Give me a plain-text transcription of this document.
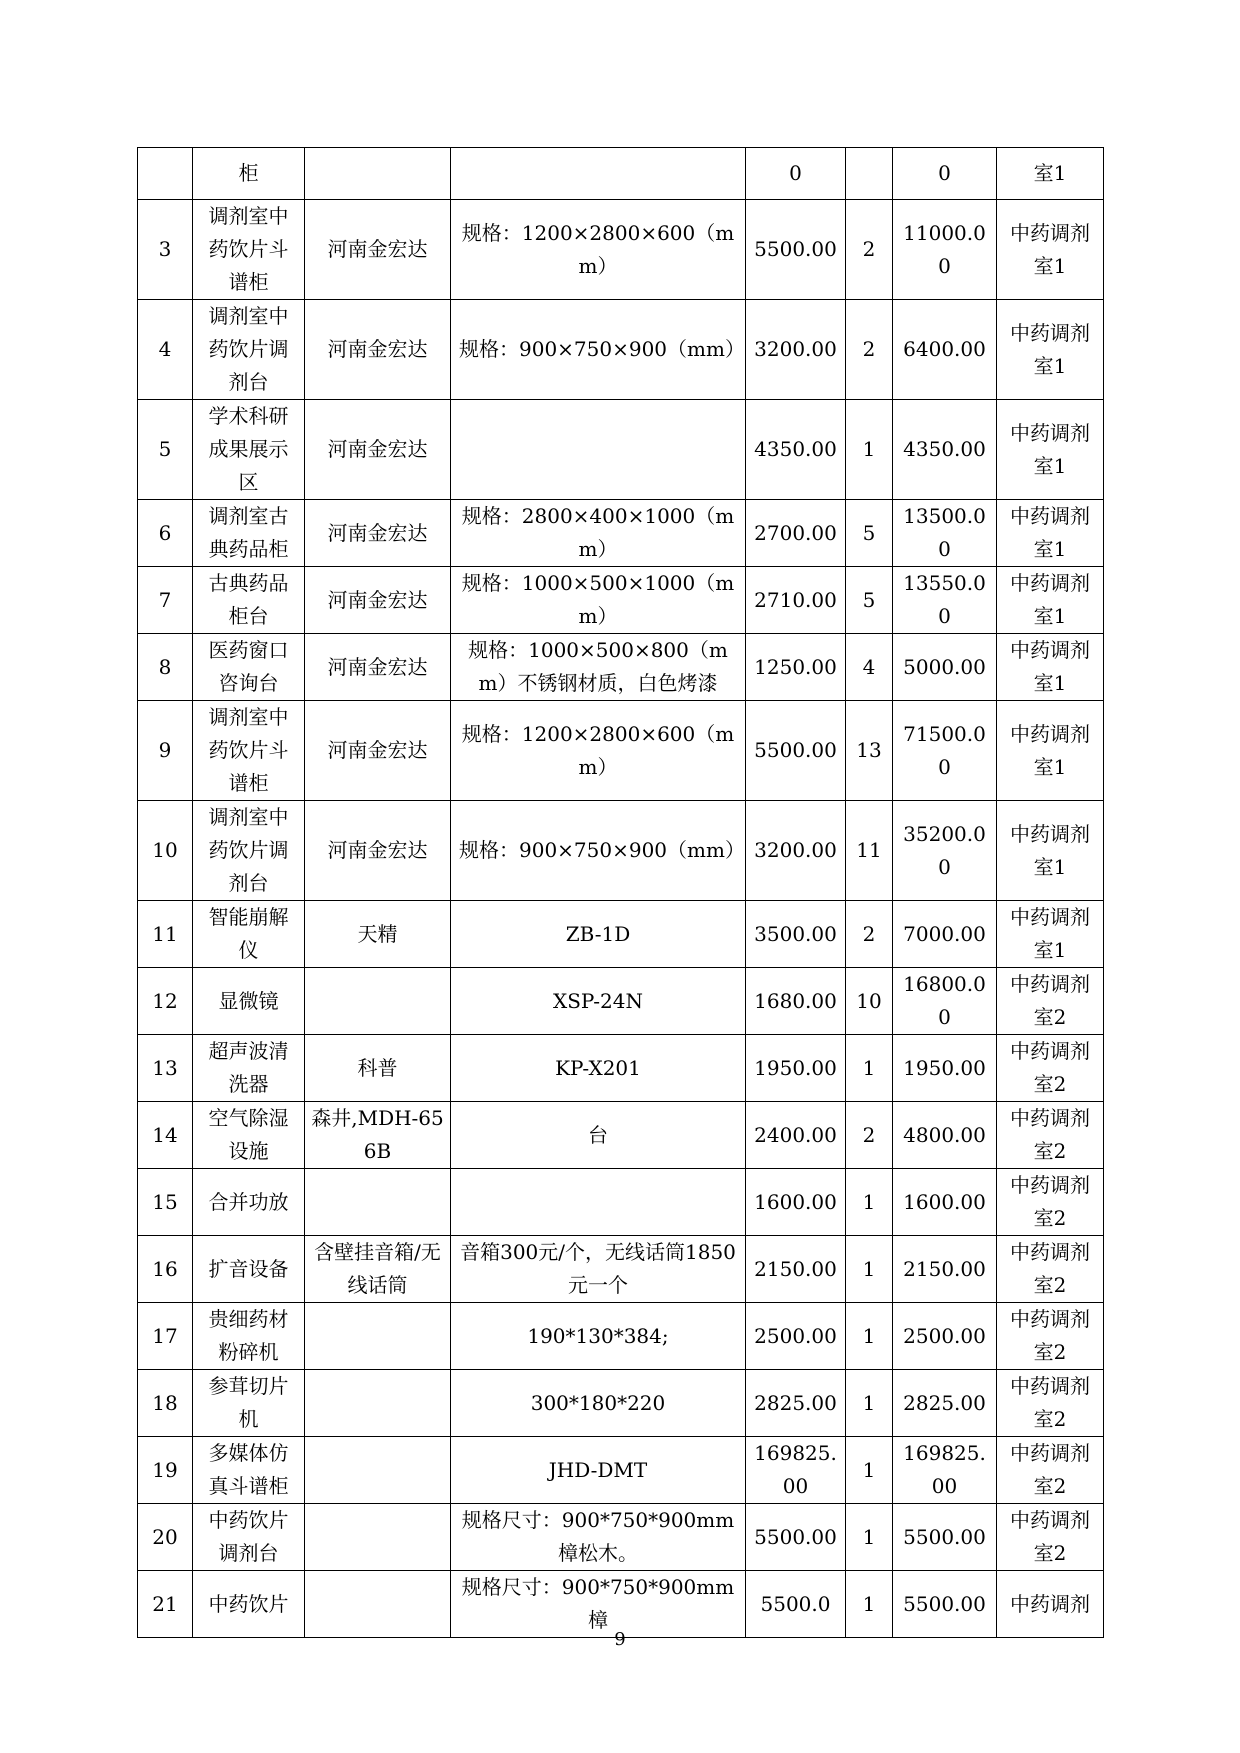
	柜			0		0	室1
3	调剂室中药饮片斗谱柜	河南金宏达	规格：1200×2800×600（mm）	5500.00	2	11000.00	中药调剂室1
4	调剂室中药饮片调剂台	河南金宏达	规格：900×750×900（mm）	3200.00	2	6400.00	中药调剂室1
5	学术科研成果展示区	河南金宏达		4350.00	1	4350.00	中药调剂室1
6	调剂室古典药品柜	河南金宏达	规格：2800×400×1000（mm）	2700.00	5	13500.00	中药调剂室1
7	古典药品柜台	河南金宏达	规格：1000×500×1000（mm）	2710.00	5	13550.00	中药调剂室1
8	医药窗口咨询台	河南金宏达	规格：1000×500×800（mm）不锈钢材质，白色烤漆	1250.00	4	5000.00	中药调剂室1
9	调剂室中药饮片斗谱柜	河南金宏达	规格：1200×2800×600（mm）	5500.00	13	71500.00	中药调剂室1
10	调剂室中药饮片调剂台	河南金宏达	规格：900×750×900（mm）	3200.00	11	35200.00	中药调剂室1
11	智能崩解仪	天精	ZB-1D	3500.00	2	7000.00	中药调剂室1
12	显微镜		XSP-24N	1680.00	10	16800.00	中药调剂室2
13	超声波清洗器	科普	KP-X201	1950.00	1	1950.00	中药调剂室2
14	空气除湿设施	森井,MDH-656B	台	2400.00	2	4800.00	中药调剂室2
15	合并功放			1600.00	1	1600.00	中药调剂室2
16	扩音设备	含壁挂音箱/无线话筒	音箱300元/个，无线话筒1850元一个	2150.00	1	2150.00	中药调剂室2
17	贵细药材粉碎机		190*130*384;	2500.00	1	2500.00	中药调剂室2
18	参茸切片机		300*180*220	2825.00	1	2825.00	中药调剂室2
19	多媒体仿真斗谱柜		JHD-DMT	169825.00	1	169825.00	中药调剂室2
20	中药饮片调剂台		规格尺寸：900*750*900mm 樟松木。	5500.00	1	5500.00	中药调剂室2
21	中药饮片		规格尺寸：900*750*900mm 樟	5500.0	1	5500.00	中药调剂
9
